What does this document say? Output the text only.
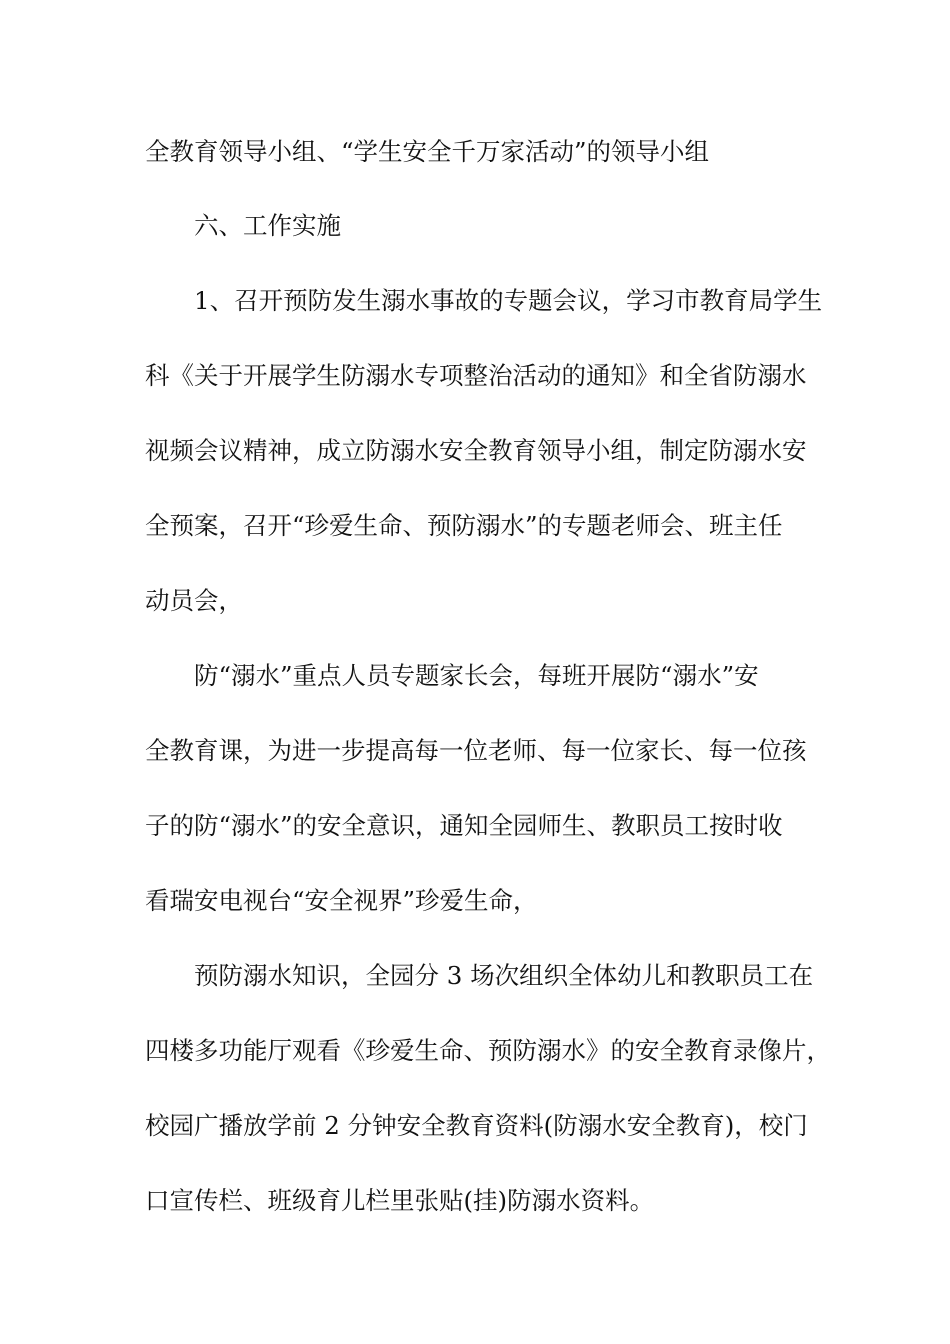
全教育领导小组、“学生安全千万家活动”的领导小组
六、工作实施
1、召开预防发生溺水事故的专题会议，学习市教育局学生
科《关于开展学生防溺水专项整治活动的通知》和全省防溺水
视频会议精神，成立防溺水安全教育领导小组，制定防溺水安
全预案，召开“珍爱生命、预防溺水”的专题老师会、班主任
动员会，
防“溺水”重点人员专题家长会，每班开展防“溺水”安
全教育课，为进一步提高每一位老师、每一位家长、每一位孩
子的防“溺水”的安全意识，通知全园师生、教职员工按时收
看瑞安电视台“安全视界”珍爱生命，
预防溺水知识，全园分 3 场次组织全体幼儿和教职员工在
四楼多功能厅观看《珍爱生命、预防溺水》的安全教育录像片，
校园广播放学前 2 分钟安全教育资料(防溺水安全教育)，校门
口宣传栏、班级育儿栏里张贴(挂)防溺水资料。
